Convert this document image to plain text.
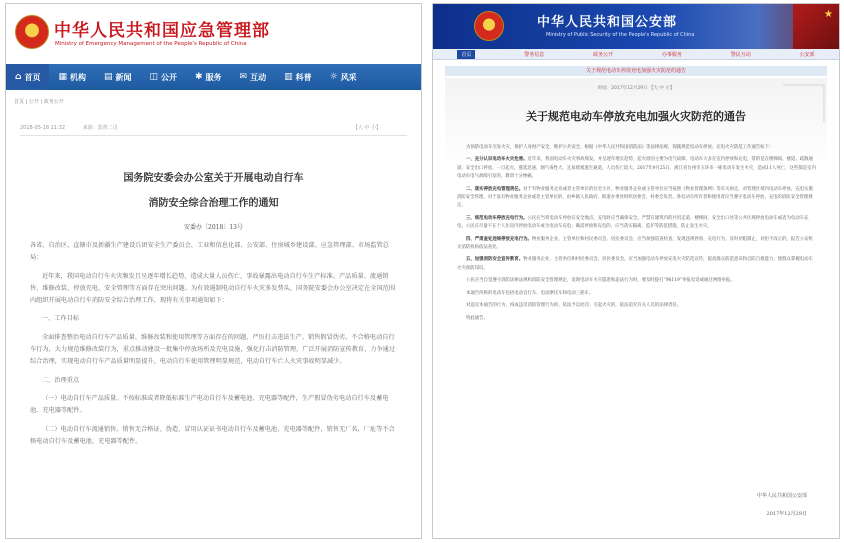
中华人民共和国应急管理部
Ministry of Emergency Management of the People's Republic of China
⌂ 首页 ▦ 机构 ▤ 新闻 ◫ 公开 ✱ 服务 ✉ 互动 ▥ 科普 ☼ 风采
首页 | 公开 | 政务公开
2018-05-18 11:32	来源：监督二司	【大 中 小】
国务院安委会办公室关于开展电动自行车
消防安全综合治理工作的通知
安委办〔2018〕13号

各省、自治区、直辖市及新疆生产建设兵团安全生产委员会，工业和信息化部、公安部、住房城乡建设部、应急管理部、市场监管总局：

近年来，我国电动自行车火灾频发且呈逐年增长趋势，造成大量人员伤亡，事故暴露出电动自行车生产标准、产品质量、流通销售、维修改装、停放充电、安全管理等方面存在突出问题。为有效遏制电动自行车火灾多发势头，国务院安委会办公室决定在全国范围内组织开展电动自行车消防安全综合治理工作，现将有关事项通知如下：

一、工作目标

全面排查整治电动自行车产品质量、维修改装和使用管理等方面存在的问题，严厉打击违法生产、销售假冒伪劣、不合格电动自行车行为，大力规范维修改装行为，重点推动建设一批集中停放场所及充电设施，强化打击消防管理，广泛开展消防宣传教育，力争通过综合治理，实现电动自行车产品质量明显提升，电动自行车使用管理明显规范，电动自行车亡人火灾事故明显减少。

二、治理重点

（一）电动自行车产品质量。不按标准或者降低标准生产电动自行车及蓄电池、充电器等配件，生产假冒伪劣电动自行车及蓄电池、充电器等配件。

（二）电动自行车流通销售。销售无合格证、伪造、冒用认证证书电动自行车及蓄电池、充电器等配件，销售无厂名、厂址等不合格电动自行车及蓄电池、充电器等配件。

中华人民共和国公安部
Ministry of Public Security of the People's Republic of China
★
首页	警务信息	政务公开	办事服务	警民互动	公安部
关于规范电动车停放充电加强火灾防范的通告
时间：2017年12月29日 【大 中 小】
关于规范电动车停放充电加强火灾防范的通告

为预防电动车引发火灾，保护人身财产安全，维护公共安全，根据《中华人民共和国消防法》等法律法规，现就规范电动车停放、充电火灾防范工作通告如下：

一、充分认识电动车火灾危害。近年来，我国电动车火灾事故频发，并呈逐年增长趋势，起火原因主要为电气故障。电动车大多在室内停放和充电，常的是在楼梯间、楼道、疏散通道、安全出口停放，一旦起火，蔓延迅速，烟气毒性大，且易堵塞逃生通道，人员伤亡较大。2017年9月25日，浙江省台州市玉环市一栋电动车发生火灾，造成11人死亡，这些都是室内电动车电气故障引发的，教训十分惨痛。

二、落实停放充电管理责任。对于有物业服务企业或者主管单位的住宅小区，物业服务企业或主管单位应当按照《物业管理条例》等有关规定，对管理区域内电动车停放、充电实施消防安全管理，对于没有物业服务企业或者主管单位的，由乡镇人民政府、街道办事处组织居委会、村委会负责。各电动车所有者和使用者应当遵守电动车停放、充电的消防安全管理规定。

三、规范电动车停放充电行为。公民应当将电动车停放在安全地点，充电时应当确保安全。严禁在建筑内的共用走道、楼梯间、安全出口处等公共区域停放电动车或者为电动车充电。公民应尽量不在个人住房内停放电动车或为电动车充电；确需停放和充电的，应当落实隔离、监护等防范措施，防止发生火灾。

四、严肃查处违规停放充电行为。物业服务企业、主管单位和村民委员会、居民委员会，应当加强巡查检查，发现违规停放、充电行为，及时劝阻制止，对拒不改正的，报告公安机关消防机构依法查处。

五、加强消防安全宣传教育。物业服务企业、主管单位和村民委员会、居民委员会，应当加强电动车停放充电火灾防范宣传，提高群众防范意识和自防自救能力，使群众掌握电动车火灾预防知识。

公民应当自觉遵守消防法律法规和消防安全管理规定，发现电动车火灾隐患和违法行为时，要及时拨打“96119”举报电话或通过网络举报。

本通告所称的电动车包括电动自行车、电动摩托车和电动三轮车。

对违反本通告的行为，构成违反消防管理行为的，依法予以处罚；引起火灾的，依法追究有关人员的法律责任。

特此通告。

中华人民共和国公安部
2017年12月29日
